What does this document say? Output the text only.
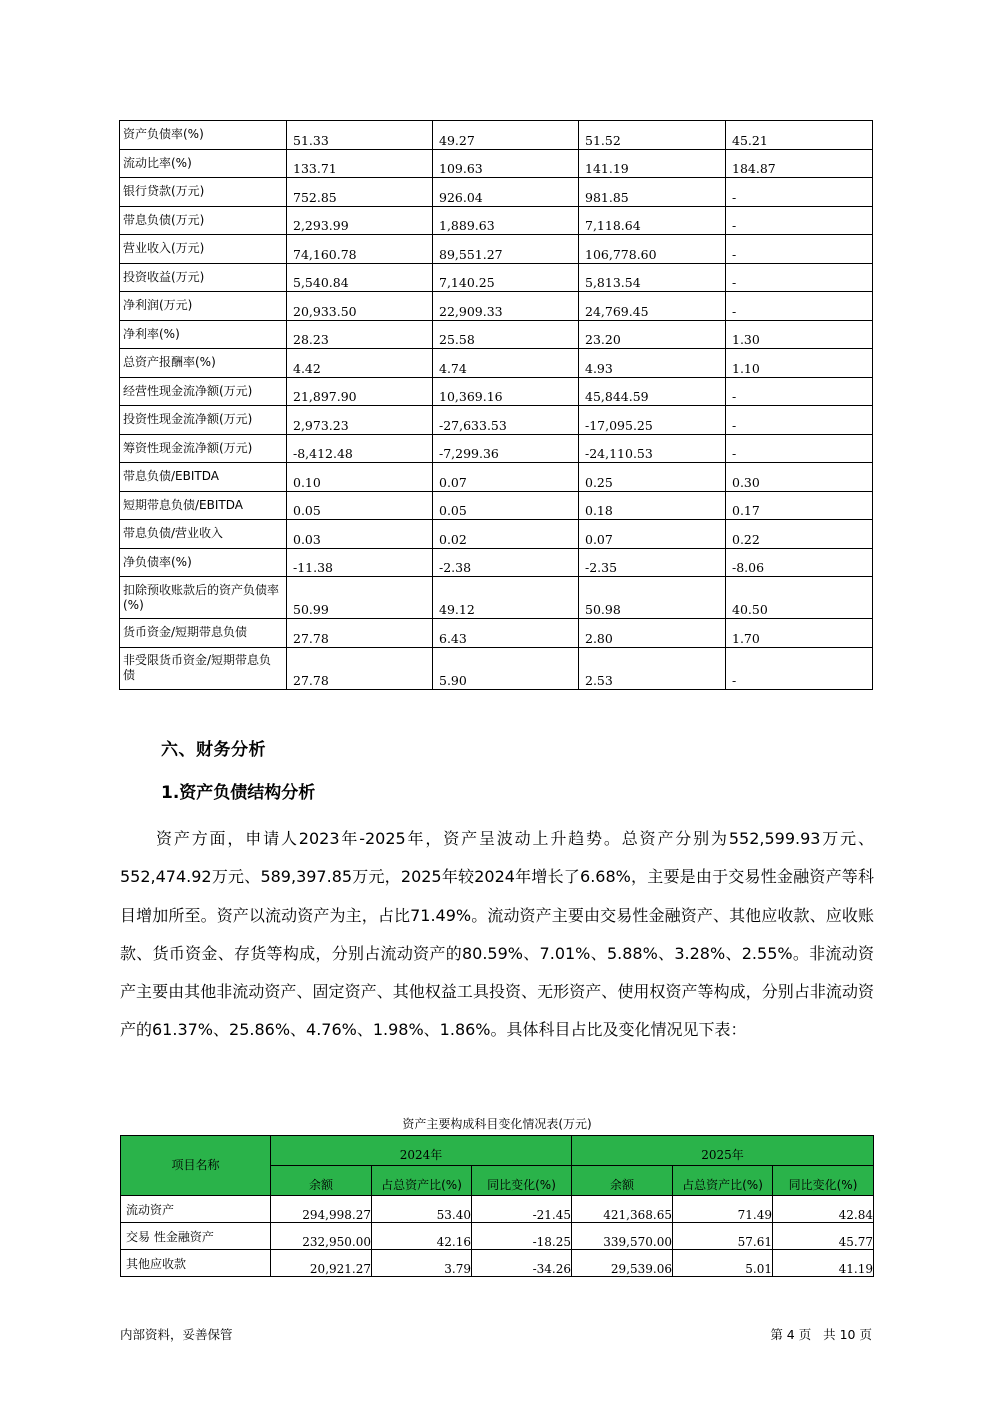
资产负债率(%)	51.33	49.27	51.52	45.21
流动比率(%)	133.71	109.63	141.19	184.87
银行贷款(万元)	752.85	926.04	981.85	-
带息负债(万元)	2,293.99	1,889.63	7,118.64	-
营业收入(万元)	74,160.78	89,551.27	106,778.60	-
投资收益(万元)	5,540.84	7,140.25	5,813.54	-
净利润(万元)	20,933.50	22,909.33	24,769.45	-
净利率(%)	28.23	25.58	23.20	1.30
总资产报酬率(%)	4.42	4.74	4.93	1.10
经营性现金流净额(万元)	21,897.90	10,369.16	45,844.59	-
投资性现金流净额(万元)	2,973.23	-27,633.53	-17,095.25	-
筹资性现金流净额(万元)	-8,412.48	-7,299.36	-24,110.53	-
带息负债/EBITDA	0.10	0.07	0.25	0.30
短期带息负债/EBITDA	0.05	0.05	0.18	0.17
带息负债/营业收入	0.03	0.02	0.07	0.22
净负债率(%)	-11.38	-2.38	-2.35	-8.06
扣除预收账款后的资产负债率(%)	50.99	49.12	50.98	40.50
货币资金/短期带息负债	27.78	6.43	2.80	1.70
非受限货币资金/短期带息负债	27.78	5.90	2.53	-
六、财务分析
1.资产负债结构分析
资产方面，申请人2023年-2025年，资产呈波动上升趋势。总资产分别为552,599.93万元、552,474.92万元、589,397.85万元，2025年较2024年增长了6.68%，主要是由于交易性金融资产等科目增加所至。资产以流动资产为主，占比71.49%。流动资产主要由交易性金融资产、其他应收款、应收账款、货币资金、存货等构成，分别占流动资产的80.59%、7.01%、5.88%、3.28%、2.55%。非流动资产主要由其他非流动资产、固定资产、其他权益工具投资、无形资产、使用权资产等构成，分别占非流动资产的61.37%、25.86%、4.76%、1.98%、1.86%。具体科目占比及变化情况见下表：
资产主要构成科目变化情况表(万元)
项目名称	2024年			2025年		
	余额	占总资产比(%)	同比变化(%)	余额	占总资产比(%)	同比变化(%)
流动资产	294,998.27	53.40	-21.45	421,368.65	71.49	42.84
交易 性金融资产	232,950.00	42.16	-18.25	339,570.00	57.61	45.77
其他应收款	20,921.27	3.79	-34.26	29,539.06	5.01	41.19
内部资料，妥善保管	第 4 页   共 10 页
